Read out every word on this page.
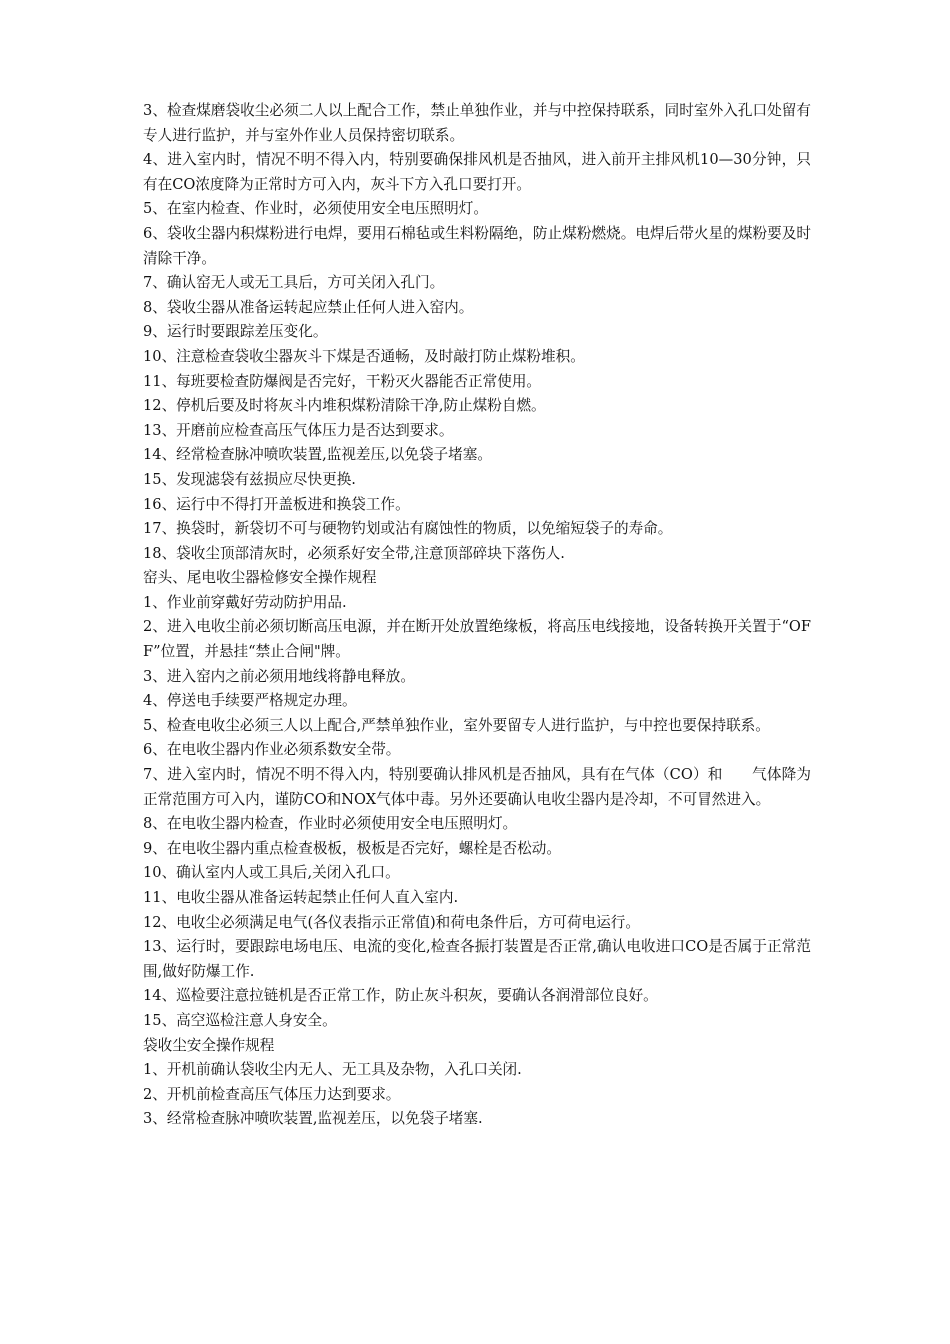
3、检查煤磨袋收尘必须二人以上配合工作，禁止单独作业，并与中控保持联系，同时室外入孔口处留有专人进行监护，并与室外作业人员保持密切联系。

4、进入室内时，情况不明不得入内，特别要确保排风机是否抽风，进入前开主排风机10—30分钟，只有在CO浓度降为正常时方可入内，灰斗下方入孔口要打开。

5、在室内检查、作业时，必须使用安全电压照明灯。

6、袋收尘器内积煤粉进行电焊，要用石棉毡或生料粉隔绝，防止煤粉燃烧。电焊后带火星的煤粉要及时清除干净。

7、确认窑无人或无工具后，方可关闭入孔门。

8、袋收尘器从准备运转起应禁止任何人进入窑内。

9、运行时要跟踪差压变化。

10、注意检查袋收尘器灰斗下煤是否通畅，及时敲打防止煤粉堆积。

11、每班要检查防爆阀是否完好，干粉灭火器能否正常使用。

12、停机后要及时将灰斗内堆积煤粉清除干净,防止煤粉自燃。

13、开磨前应检查高压气体压力是否达到要求。

14、经常检查脉冲喷吹装置,监视差压,以免袋子堵塞。

15、发现滤袋有兹损应尽快更换.

16、运行中不得打开盖板进和换袋工作。

17、换袋时，新袋切不可与硬物钓划或沾有腐蚀性的物质，以免缩短袋子的寿命。

18、袋收尘顶部清灰时，必须系好安全带,注意顶部碎块下落伤人.

窑头、尾电收尘器检修安全操作规程

1、作业前穿戴好劳动防护用品.

2、进入电收尘前必须切断高压电源，并在断开处放置绝缘板，将高压电线接地，设备转换开关置于“OFF”位置，并悬挂“禁止合闸"牌。

3、进入窑内之前必须用地线将静电释放。

4、停送电手续要严格规定办理。

5、检查电收尘必须三人以上配合,严禁单独作业，室外要留专人进行监护，与中控也要保持联系。

6、在电收尘器内作业必须系数安全带。

7、进入室内时，情况不明不得入内，特别要确认排风机是否抽风，具有在气体（CO）和　　气体降为正常范围方可入内，谨防CO和NOX气体中毒。另外还要确认电收尘器内是冷却，不可冒然进入。

8、在电收尘器内检查，作业时必须使用安全电压照明灯。

9、在电收尘器内重点检查极板，极板是否完好，螺栓是否松动。

10、确认室内人或工具后,关闭入孔口。

11、电收尘器从准备运转起禁止任何人直入室内.

12、电收尘必须满足电气(各仪表指示正常值)和荷电条件后，方可荷电运行。

13、运行时，要跟踪电场电压、电流的变化,检查各振打装置是否正常,确认电收进口CO是否属于正常范围,做好防爆工作.

14、巡检要注意拉链机是否正常工作，防止灰斗积灰，要确认各润滑部位良好。

15、高空巡检注意人身安全。

袋收尘安全操作规程

1、开机前确认袋收尘内无人、无工具及杂物，入孔口关闭.

2、开机前检查高压气体压力达到要求。

3、经常检查脉冲喷吹装置,监视差压，以免袋子堵塞.
